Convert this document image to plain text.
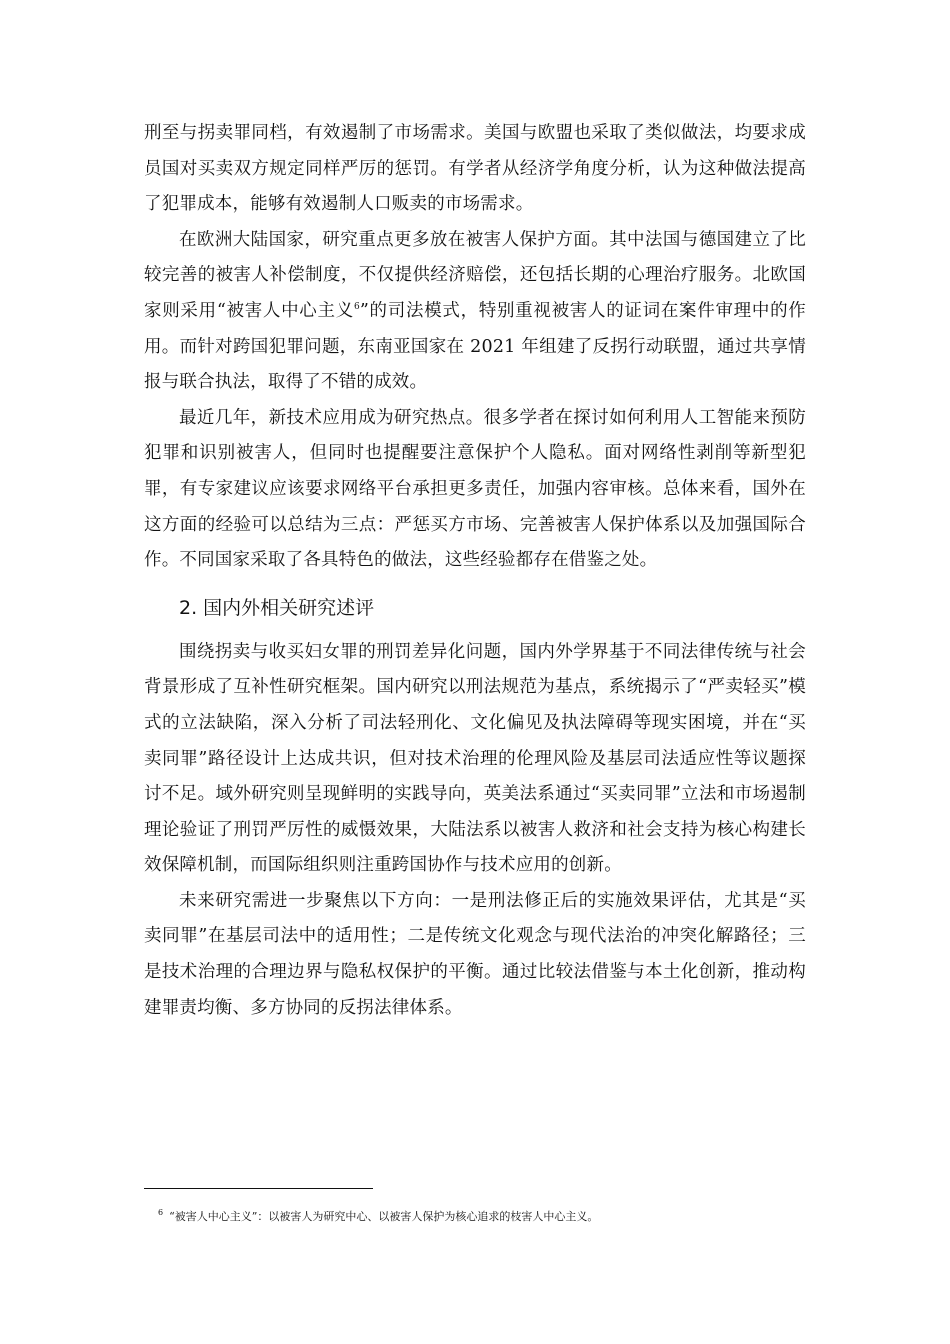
刑至与拐卖罪同档，有效遏制了市场需求。美国与欧盟也采取了类似做法，均要求成员国对买卖双方规定同样严厉的惩罚。有学者从经济学角度分析，认为这种做法提高了犯罪成本，能够有效遏制人口贩卖的市场需求。

在欧洲大陆国家，研究重点更多放在被害人保护方面。其中法国与德国建立了比较完善的被害人补偿制度，不仅提供经济赔偿，还包括长期的心理治疗服务。北欧国家则采用“被害人中心主义$^6$”的司法模式，特别重视被害人的证词在案件审理中的作用。而针对跨国犯罪问题，东南亚国家在 2021 年组建了反拐行动联盟，通过共享情报与联合执法，取得了不错的成效。

最近几年，新技术应用成为研究热点。很多学者在探讨如何利用人工智能来预防犯罪和识别被害人，但同时也提醒要注意保护个人隐私。面对网络性剥削等新型犯罪，有专家建议应该要求网络平台承担更多责任，加强内容审核。总体来看，国外在这方面的经验可以总结为三点：严惩买方市场、完善被害人保护体系以及加强国际合作。不同国家采取了各具特色的做法，这些经验都存在借鉴之处。

2. 国内外相关研究述评

围绕拐卖与收买妇女罪的刑罚差异化问题，国内外学界基于不同法律传统与社会背景形成了互补性研究框架。国内研究以刑法规范为基点，系统揭示了“严卖轻买”模式的立法缺陷，深入分析了司法轻刑化、文化偏见及执法障碍等现实困境，并在“买卖同罪”路径设计上达成共识，但对技术治理的伦理风险及基层司法适应性等议题探讨不足。域外研究则呈现鲜明的实践导向，英美法系通过“买卖同罪”立法和市场遏制理论验证了刑罚严厉性的威慑效果，大陆法系以被害人救济和社会支持为核心构建长效保障机制，而国际组织则注重跨国协作与技术应用的创新。

未来研究需进一步聚焦以下方向：一是刑法修正后的实施效果评估，尤其是“买卖同罪”在基层司法中的适用性；二是传统文化观念与现代法治的冲突化解路径；三是技术治理的合理边界与隐私权保护的平衡。通过比较法借鉴与本土化创新，推动构建罪责均衡、多方协同的反拐法律体系。

$^6$ “被害人中心主义”：以被害人为研究中心、以被害人保护为核心追求的枝害人中心主义。
